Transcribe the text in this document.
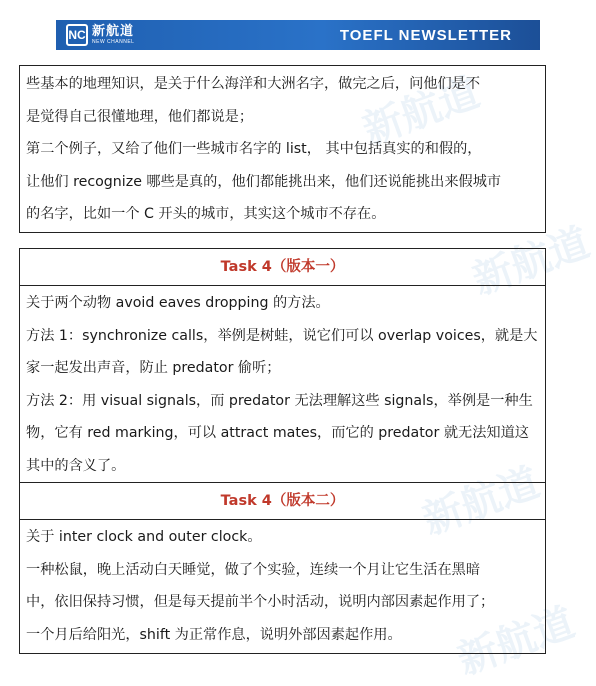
NC 新航道
NEW CHANNEL	TOEFL NEWSLETTER
新航道
新航道
新航道
新航道

些基本的地理知识，是关于什么海洋和大洲名字，做完之后，问他们是不

是觉得自己很懂地理，他们都说是；

第二个例子，又给了他们一些城市名字的 list， 其中包括真实的和假的，

让他们 recognize 哪些是真的，他们都能挑出来，他们还说能挑出来假城市

的名字，比如一个 C 开头的城市，其实这个城市不存在。

Task 4（版本一）

关于两个动物 avoid eaves dropping 的方法。

方法 1：synchronize calls，举例是树蛙，说它们可以 overlap voices，就是大

家一起发出声音，防止 predator 偷听；

方法 2：用 visual signals，而 predator 无法理解这些 signals，举例是一种生

物，它有 red marking，可以 attract mates，而它的 predator 就无法知道这

其中的含义了。

Task 4（版本二）

关于 inter clock and outer clock。

一种松鼠，晚上活动白天睡觉，做了个实验，连续一个月让它生活在黑暗

中，依旧保持习惯，但是每天提前半个小时活动，说明内部因素起作用了；

一个月后给阳光，shift 为正常作息，说明外部因素起作用。
